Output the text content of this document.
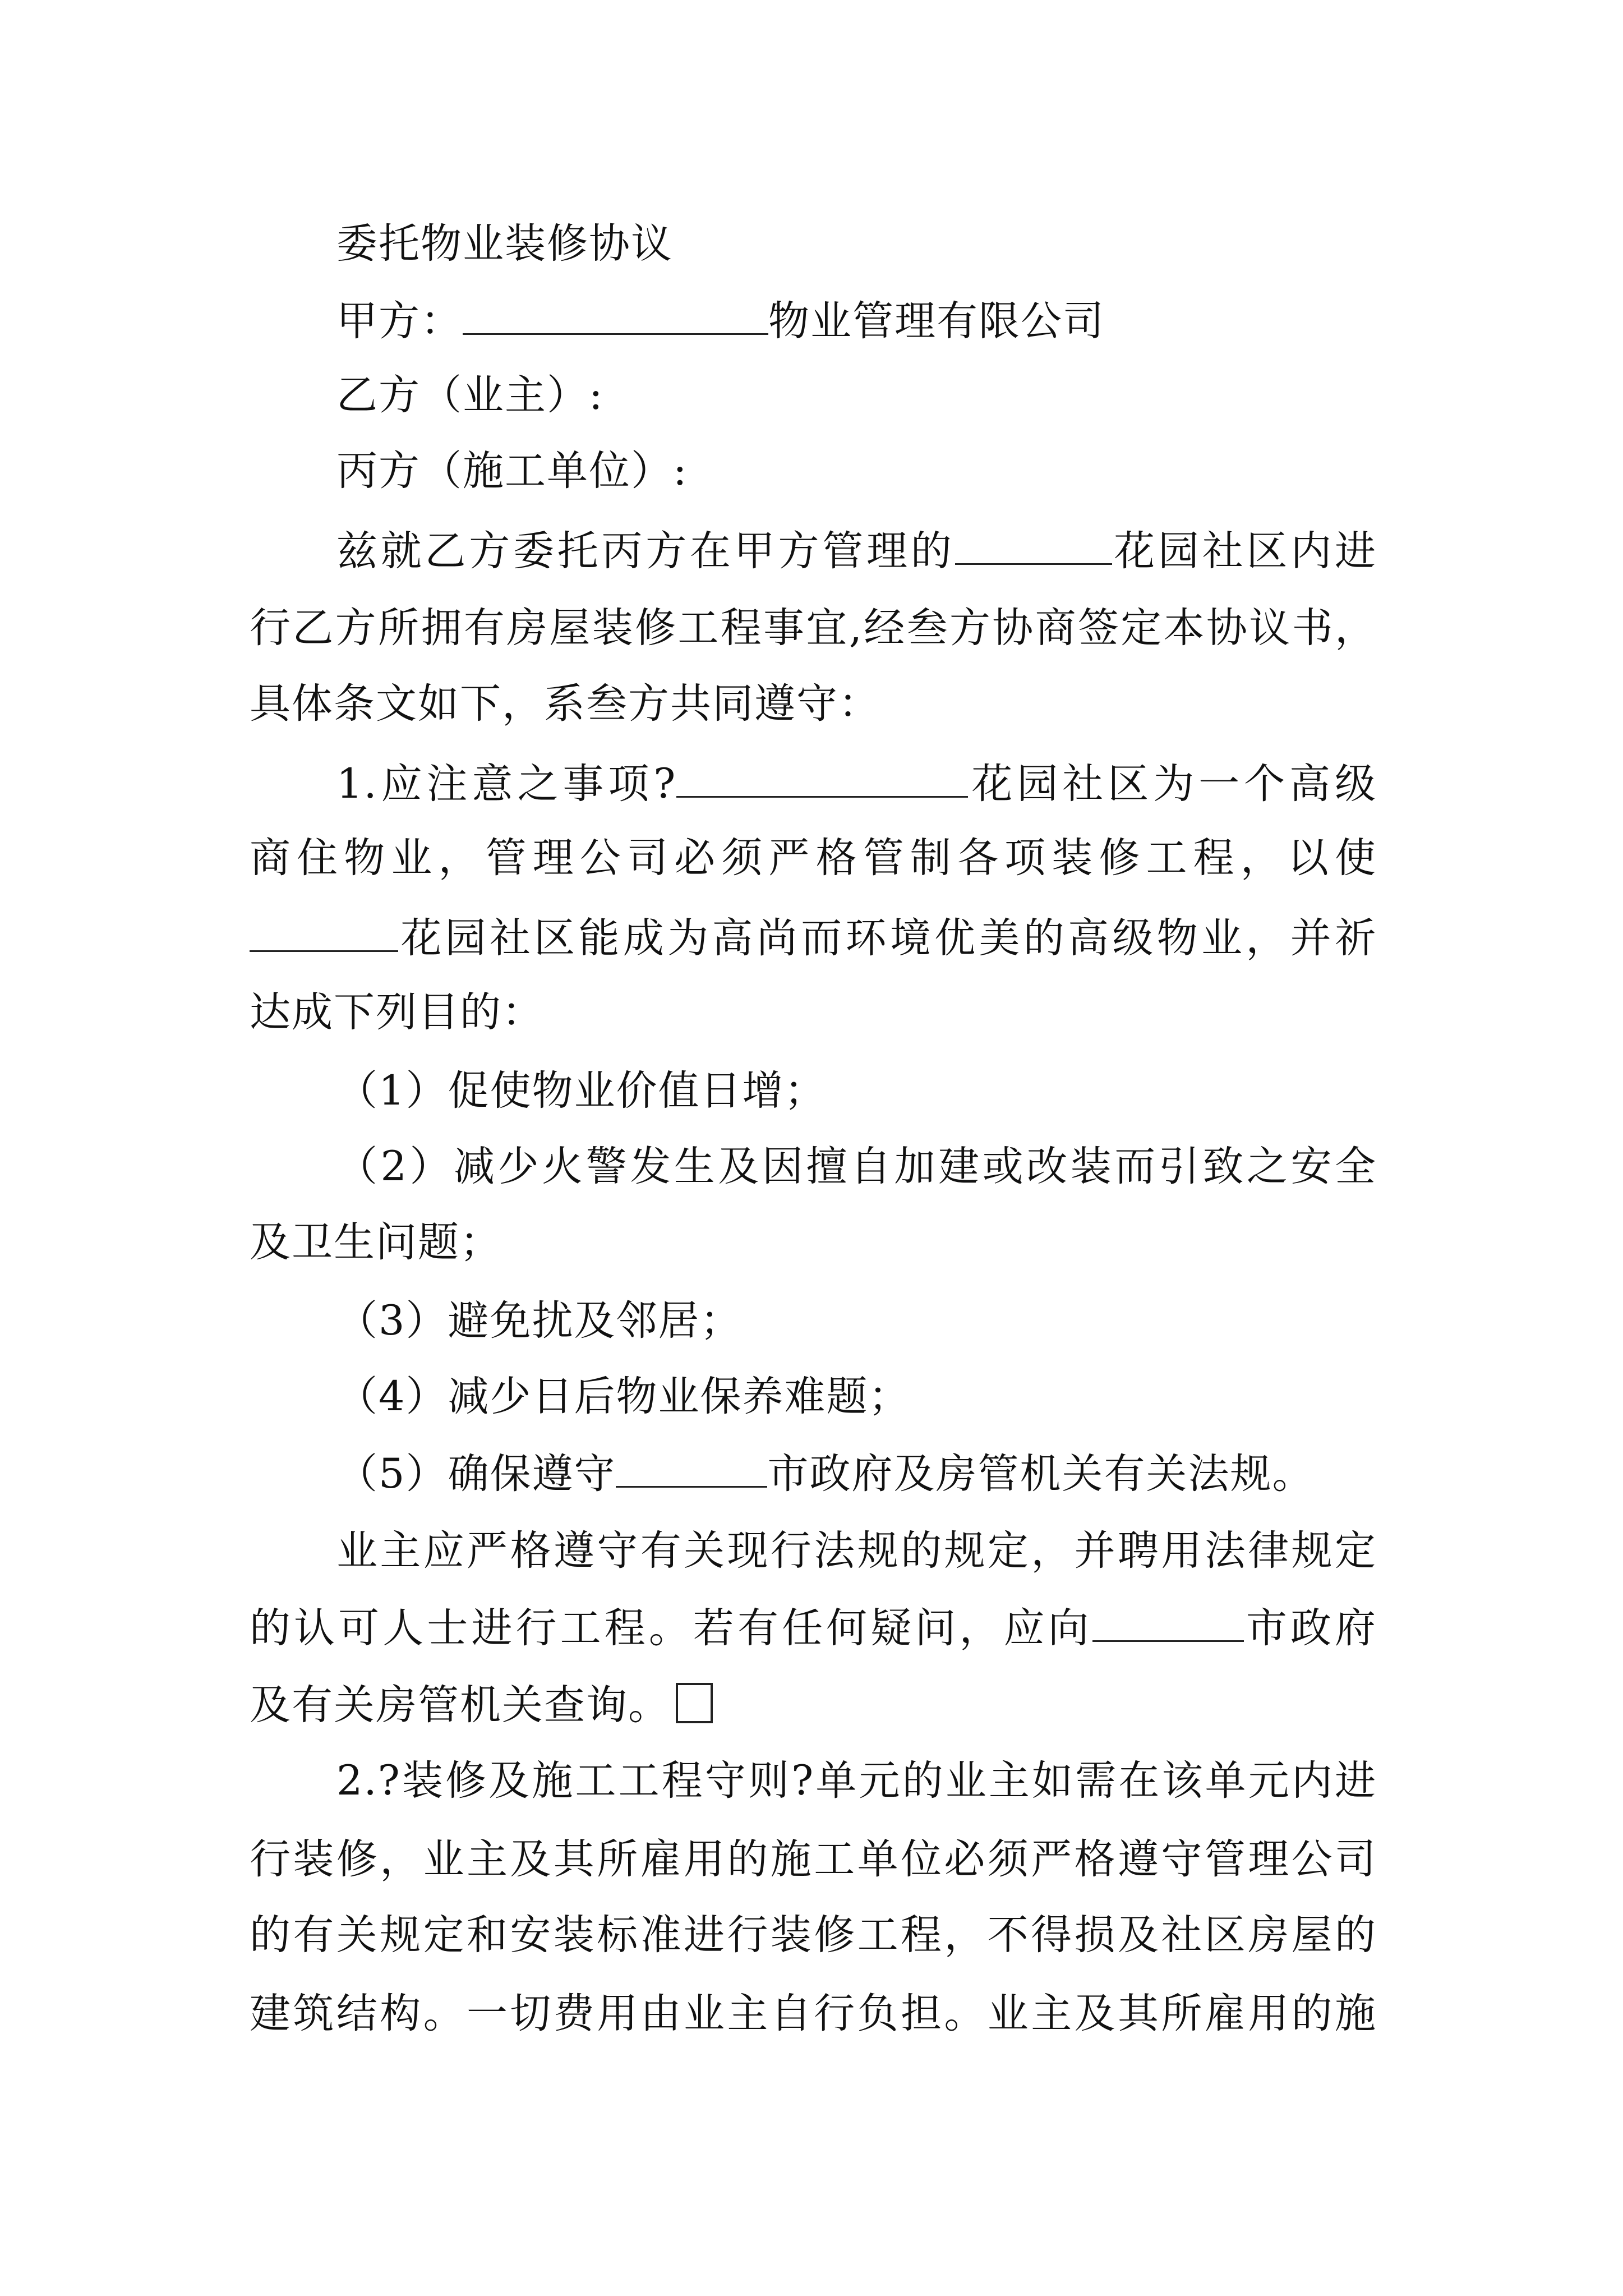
委托物业装修协议
甲方：	物业管理有限公司
乙方（业主）:
丙方（施工单位）:
兹就乙方委托丙方在甲方管理的	花园社区内进
行乙方所拥有房屋装修工程事宜,经叁方协商签定本协议书，
具体条文如下，系叁方共同遵守：
1.应注意之事项?	花园社区为一个高级
商住物业，管理公司必须严格管制各项装修工程，以使
花园社区能成为高尚而环境优美的高级物业，并祈
达成下列目的：
（1）促使物业价值日增；
（2）减少火警发生及因擅自加建或改装而引致之安全
及卫生问题；
（3）避免扰及邻居；
（4）减少日后物业保养难题；
（5）确保遵守	市政府及房管机关有关法规。
业主应严格遵守有关现行法规的规定，并聘用法律规定
的认可人士进行工程。若有任何疑问，应向	市政府
及有关房管机关查询。
2.?装修及施工工程守则?单元的业主如需在该单元内进
行装修，业主及其所雇用的施工单位必须严格遵守管理公司
的有关规定和安装标准进行装修工程，不得损及社区房屋的
建筑结构。一切费用由业主自行负担。业主及其所雇用的施
